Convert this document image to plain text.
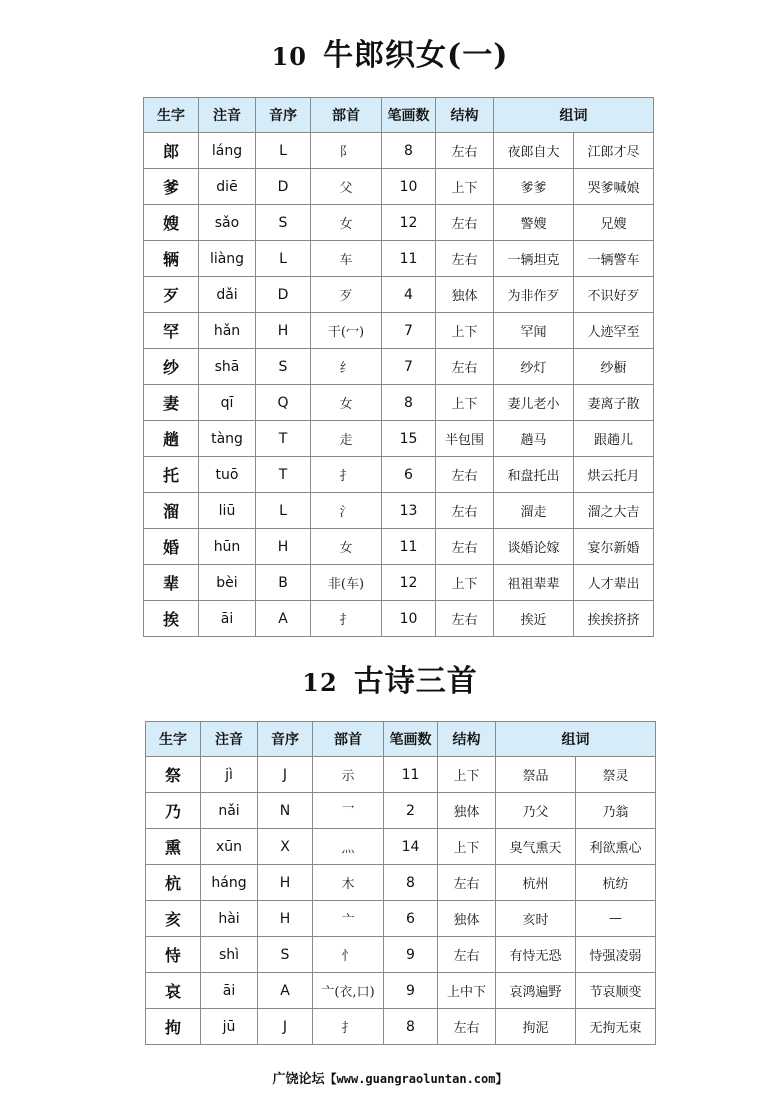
10 牛郎织女(一)
生字	注音	音序	部首	笔画数	结构	组词	
郎	láng	L	阝	8	左右	夜郎自大	江郎才尽
爹	diē	D	父	10	上下	爹爹	哭爹喊娘
嫂	sǎo	S	女	12	左右	警嫂	兄嫂
辆	liàng	L	车	11	左右	一辆坦克	一辆警车
歹	dǎi	D	歹	4	独体	为非作歹	不识好歹
罕	hǎn	H	干(冖)	7	上下	罕闻	人迹罕至
纱	shā	S	纟	7	左右	纱灯	纱橱
妻	qī	Q	女	8	上下	妻儿老小	妻离子散
趟	tàng	T	走	15	半包围	趟马	跟趟儿
托	tuō	T	扌	6	左右	和盘托出	烘云托月
溜	liū	L	氵	13	左右	溜走	溜之大吉
婚	hūn	H	女	11	左右	谈婚论嫁	宴尔新婚
辈	bèi	B	非(车)	12	上下	祖祖辈辈	人才辈出
挨	āi	A	扌	10	左右	挨近	挨挨挤挤
12 古诗三首
生字	注音	音序	部首	笔画数	结构	组词	
祭	jì	J	示	11	上下	祭品	祭灵
乃	nǎi	N	乛	2	独体	乃父	乃翁
熏	xūn	X	灬	14	上下	臭气熏天	利欲熏心
杭	háng	H	木	8	左右	杭州	杭纺
亥	hài	H	亠	6	独体	亥时	—
恃	shì	S	忄	9	左右	有恃无恐	恃强凌弱
哀	āi	A	亠(衣,口)	9	上中下	哀鸿遍野	节哀顺变
拘	jū	J	扌	8	左右	拘泥	无拘无束
广饶论坛【www.guangraoluntan.com】
